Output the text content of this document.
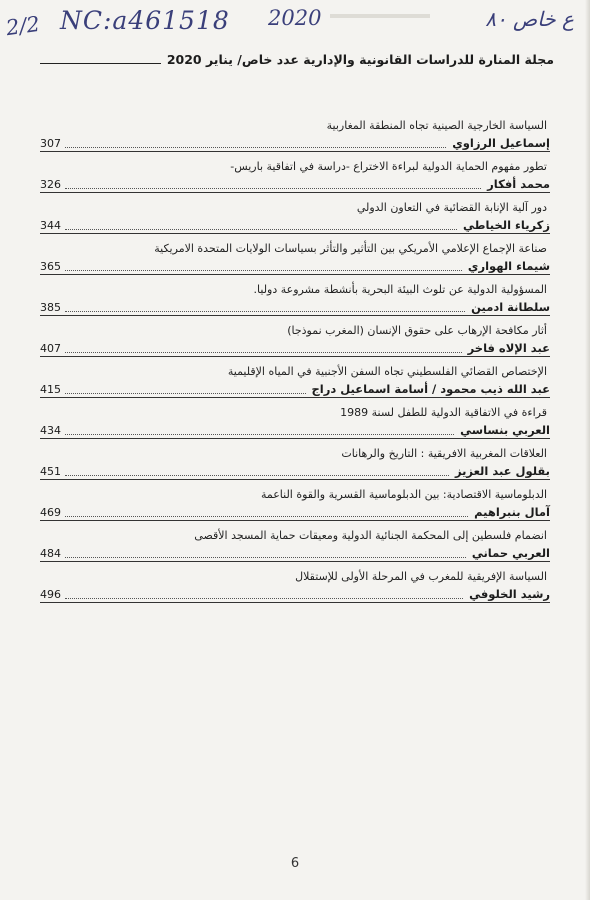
2/2 NC:a461518 2020	ع خاص ٨٠
مجلة المنارة للدراسات القانونية والإدارية عدد خاص/ يناير 2020
السياسة الخارجية الصينية تجاه المنطقة المغاربية
إسماعيل الرزاوي
307
تطور مفهوم الحماية الدولية لبراءة الاختراع -دراسة في اتفاقية باريس-
محمد أفكار
326
دور آلية الإنابة القضائية في التعاون الدولي
زكرياء الخياطي
344
صناعة الإجماع الإعلامي الأمريكي بين التأثير والتأثر بسياسات الولايات المتحدة الامريكية
شيماء الهواري
365
المسؤولية الدولية عن تلوث البيئة البحرية بأنشطة مشروعة دوليا.
سلطانة ادمين
385
أثار مكافحة الإرهاب على حقوق الإنسان (المغرب نموذجا)
عبد الإلاه فاخر
407
الإختصاص القضائي الفلسطيني تجاه السفن الأجنبية في المياه الإقليمية
عبد الله ذيب محمود / أسامة اسماعيل دراج
415
قراءة في الاتفاقية الدولية للطفل لسنة 1989
العربي بنساسي
434
العلاقات المغربية الافريقية : التاريخ والرهانات
بقلول عبد العزيز
451
الدبلوماسية الاقتصادية: بين الدبلوماسية القسرية والقوة الناعمة
آمال بنبراهيم
469
انضمام فلسطين إلى المحكمة الجنائية الدولية ومعيقات حماية المسجد الأقصى
العربي حماني
484
السياسة الإفريقية للمغرب في المرحلة الأولى للإستقلال
رشيد الخلوفي
496
6
